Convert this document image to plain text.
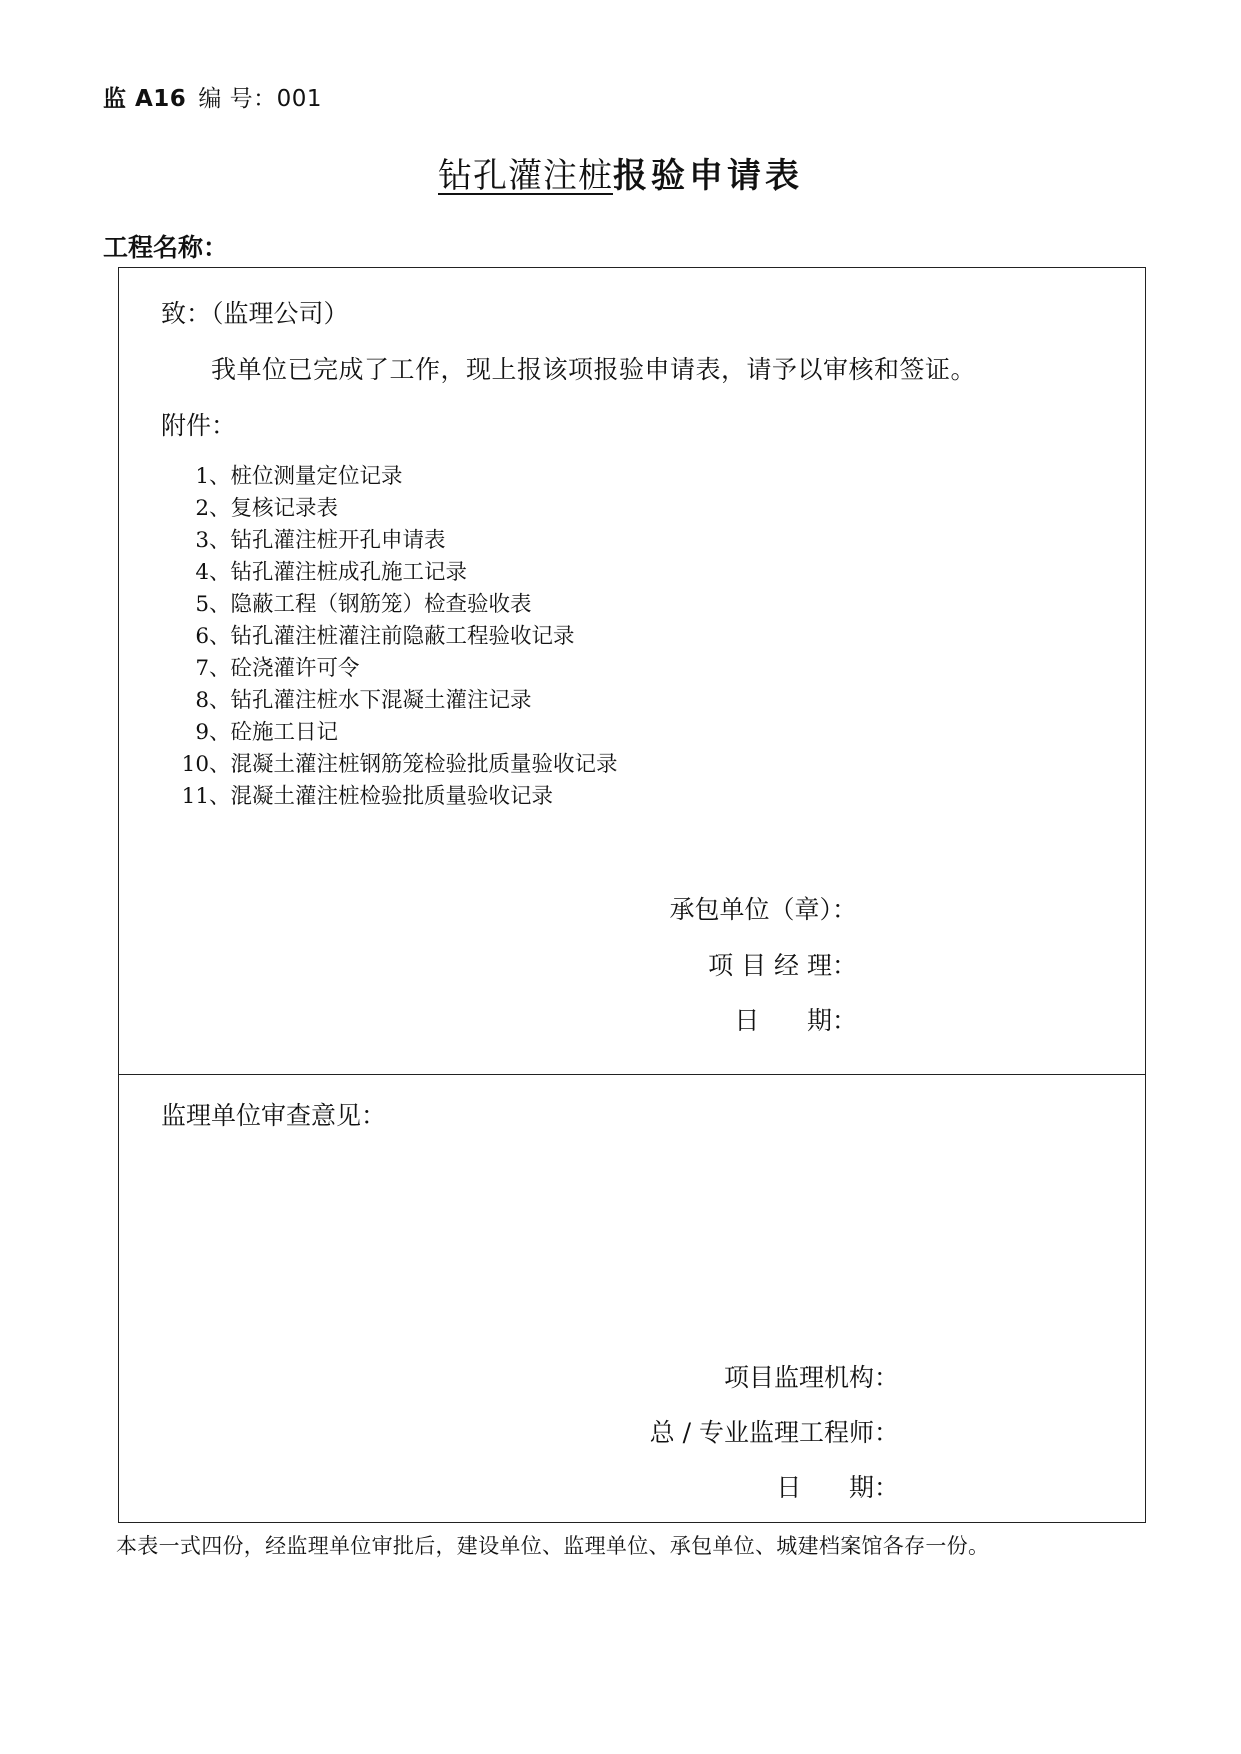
监 A16 编 号：001
钻孔灌注桩报验申请表
工程名称：
致：（监理公司）
我单位已完成了工作，现上报该项报验申请表，请予以审核和签证。
附件：
1、桩位测量定位记录
2、复核记录表
3、钻孔灌注桩开孔申请表
4、钻孔灌注桩成孔施工记录
5、隐蔽工程（钢筋笼）检查验收表
6、钻孔灌注桩灌注前隐蔽工程验收记录
7、砼浇灌许可令
8、钻孔灌注桩水下混凝土灌注记录
9、砼施工日记
10、混凝土灌注桩钢筋笼检验批质量验收记录
11、混凝土灌注桩检验批质量验收记录
承包单位（章）：
项 目 经 理：
日      期：
监理单位审查意见：
项目监理机构：
总 / 专业监理工程师：
日      期：
本表一式四份，经监理单位审批后，建设单位、监理单位、承包单位、城建档案馆各存一份。
